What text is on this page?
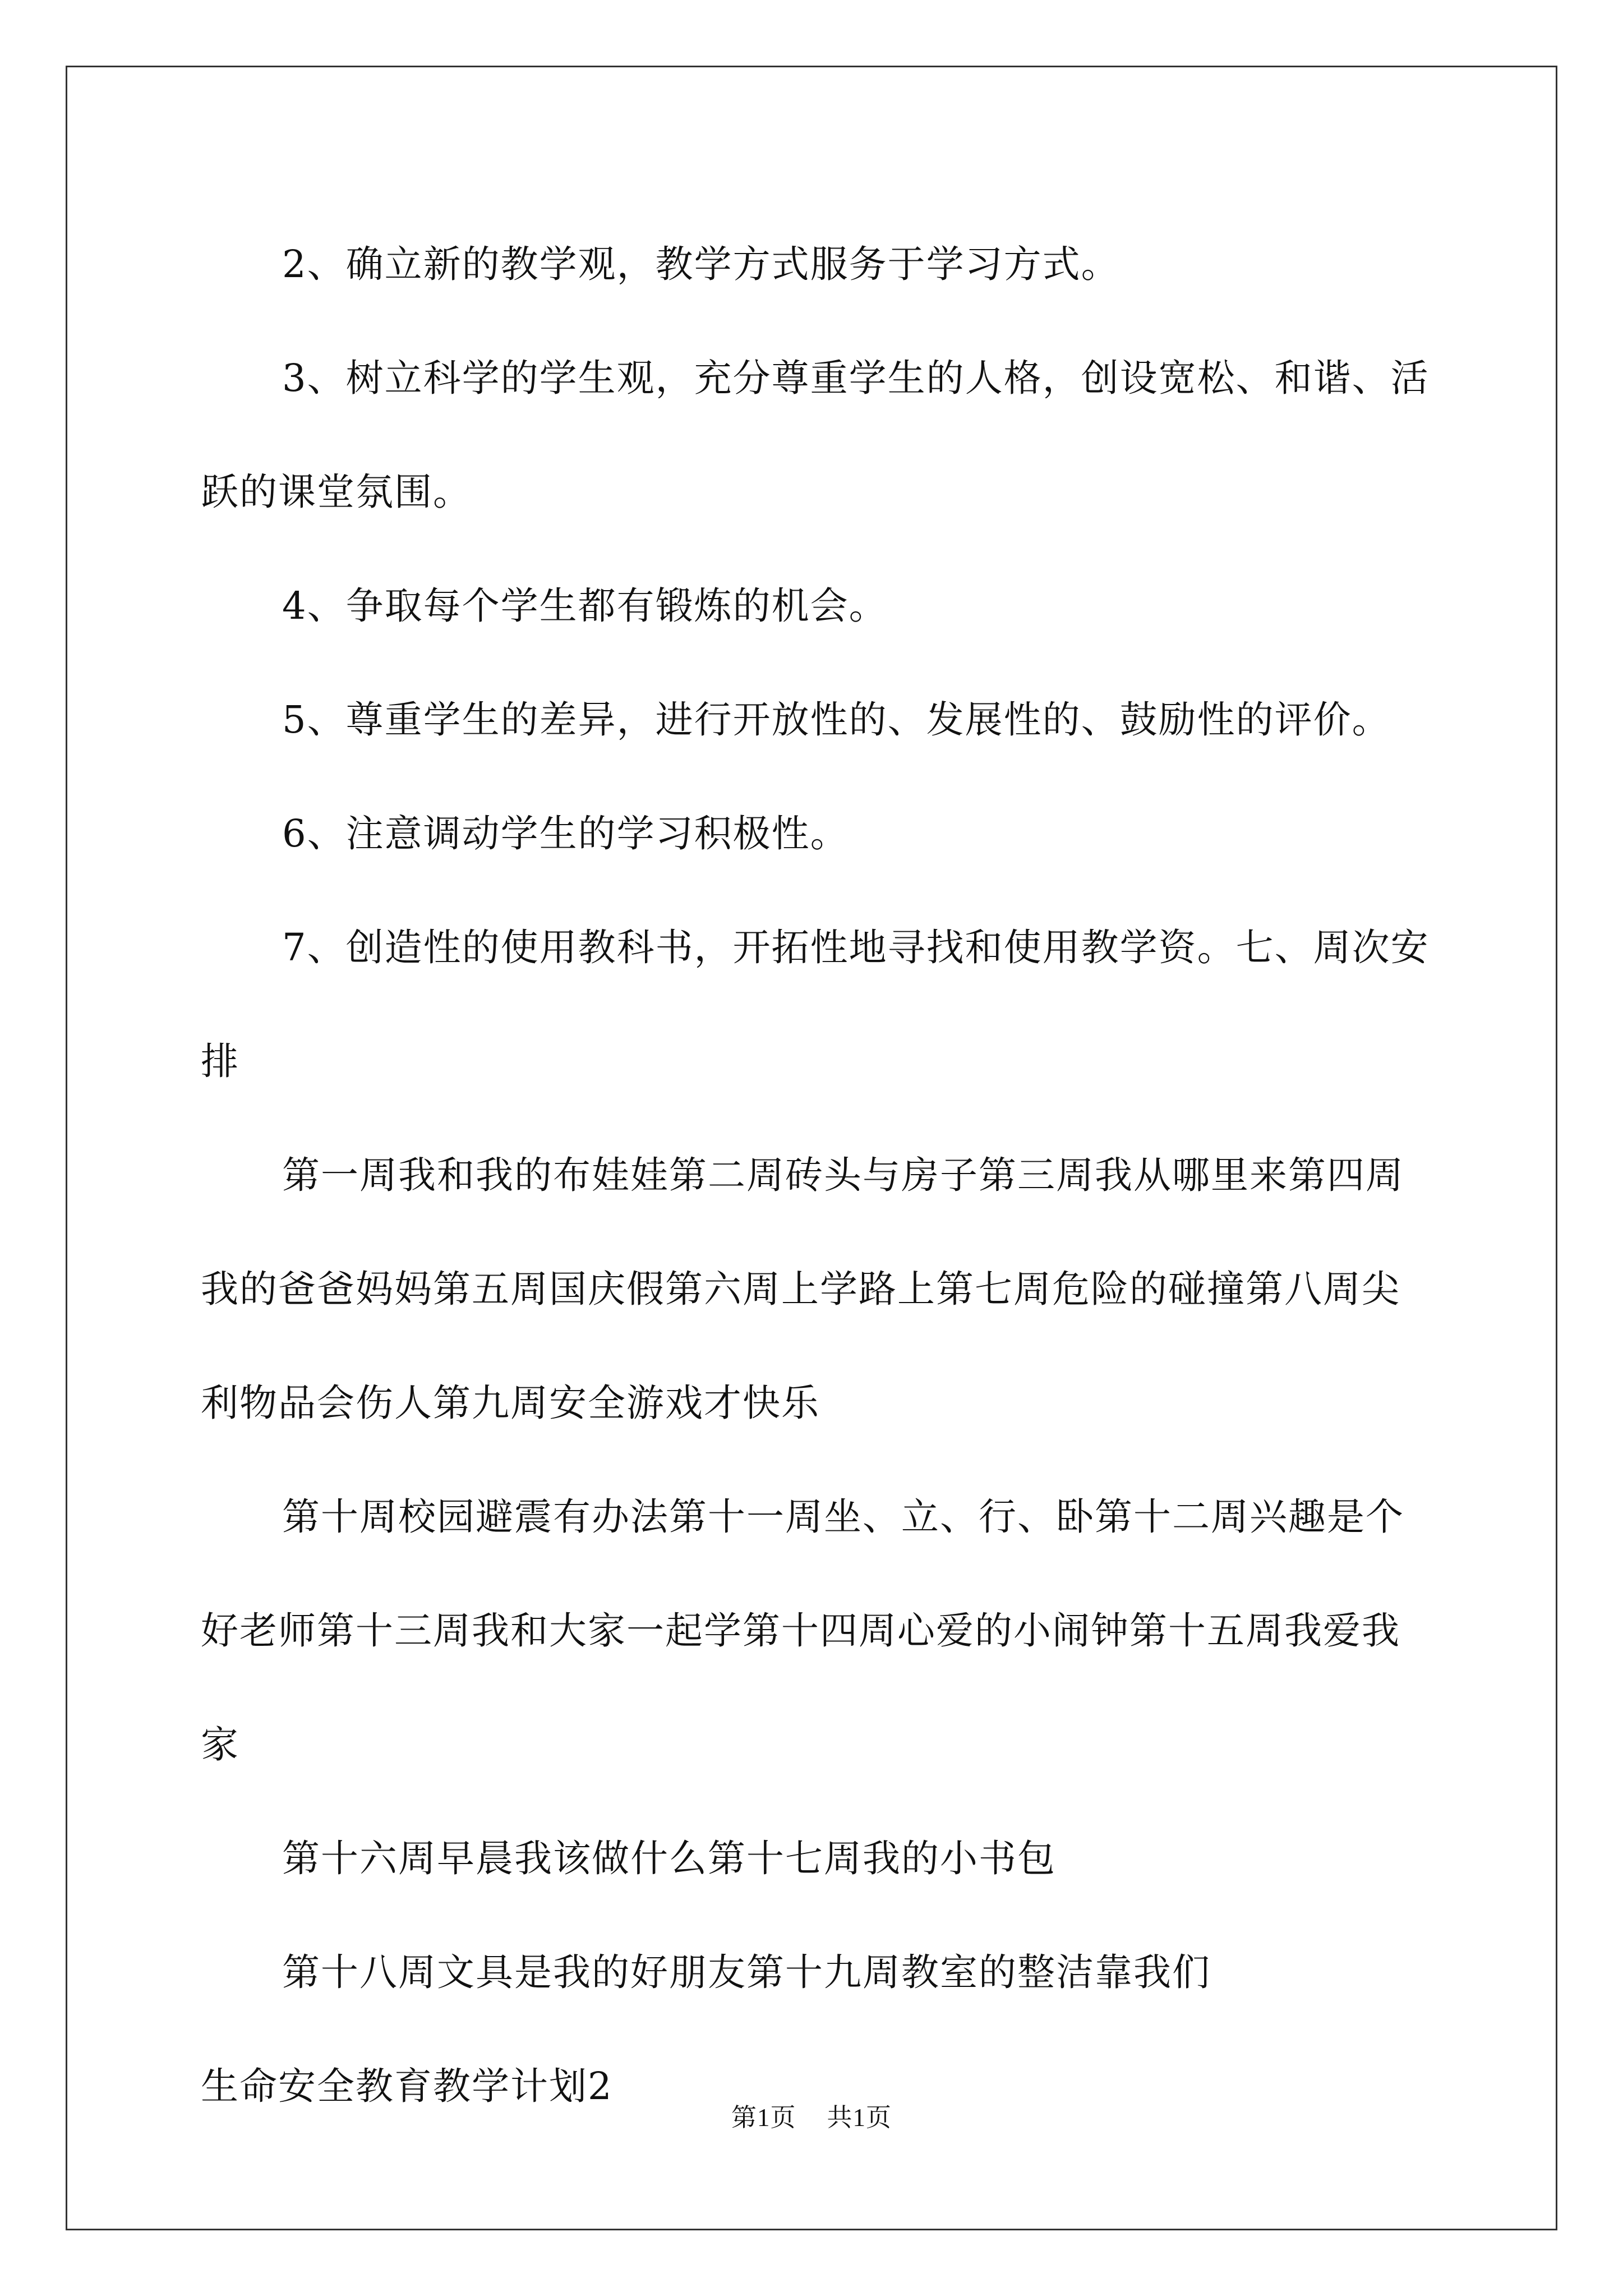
2、确立新的教学观，教学方式服务于学习方式。

3、树立科学的学生观，充分尊重学生的人格，创设宽松、和谐、活跃的课堂氛围。

4、争取每个学生都有锻炼的机会。

5、尊重学生的差异，进行开放性的、发展性的、鼓励性的评价。

6、注意调动学生的学习积极性。

7、创造性的使用教科书，开拓性地寻找和使用教学资。七、周次安排

第一周我和我的布娃娃第二周砖头与房子第三周我从哪里来第四周我的爸爸妈妈第五周国庆假第六周上学路上第七周危险的碰撞第八周尖利物品会伤人第九周安全游戏才快乐

第十周校园避震有办法第十一周坐、立、行、卧第十二周兴趣是个好老师第十三周我和大家一起学第十四周心爱的小闹钟第十五周我爱我家

第十六周早晨我该做什么第十七周我的小书包

第十八周文具是我的好朋友第十九周教室的整洁靠我们

生命安全教育教学计划2

第1页 共1页
